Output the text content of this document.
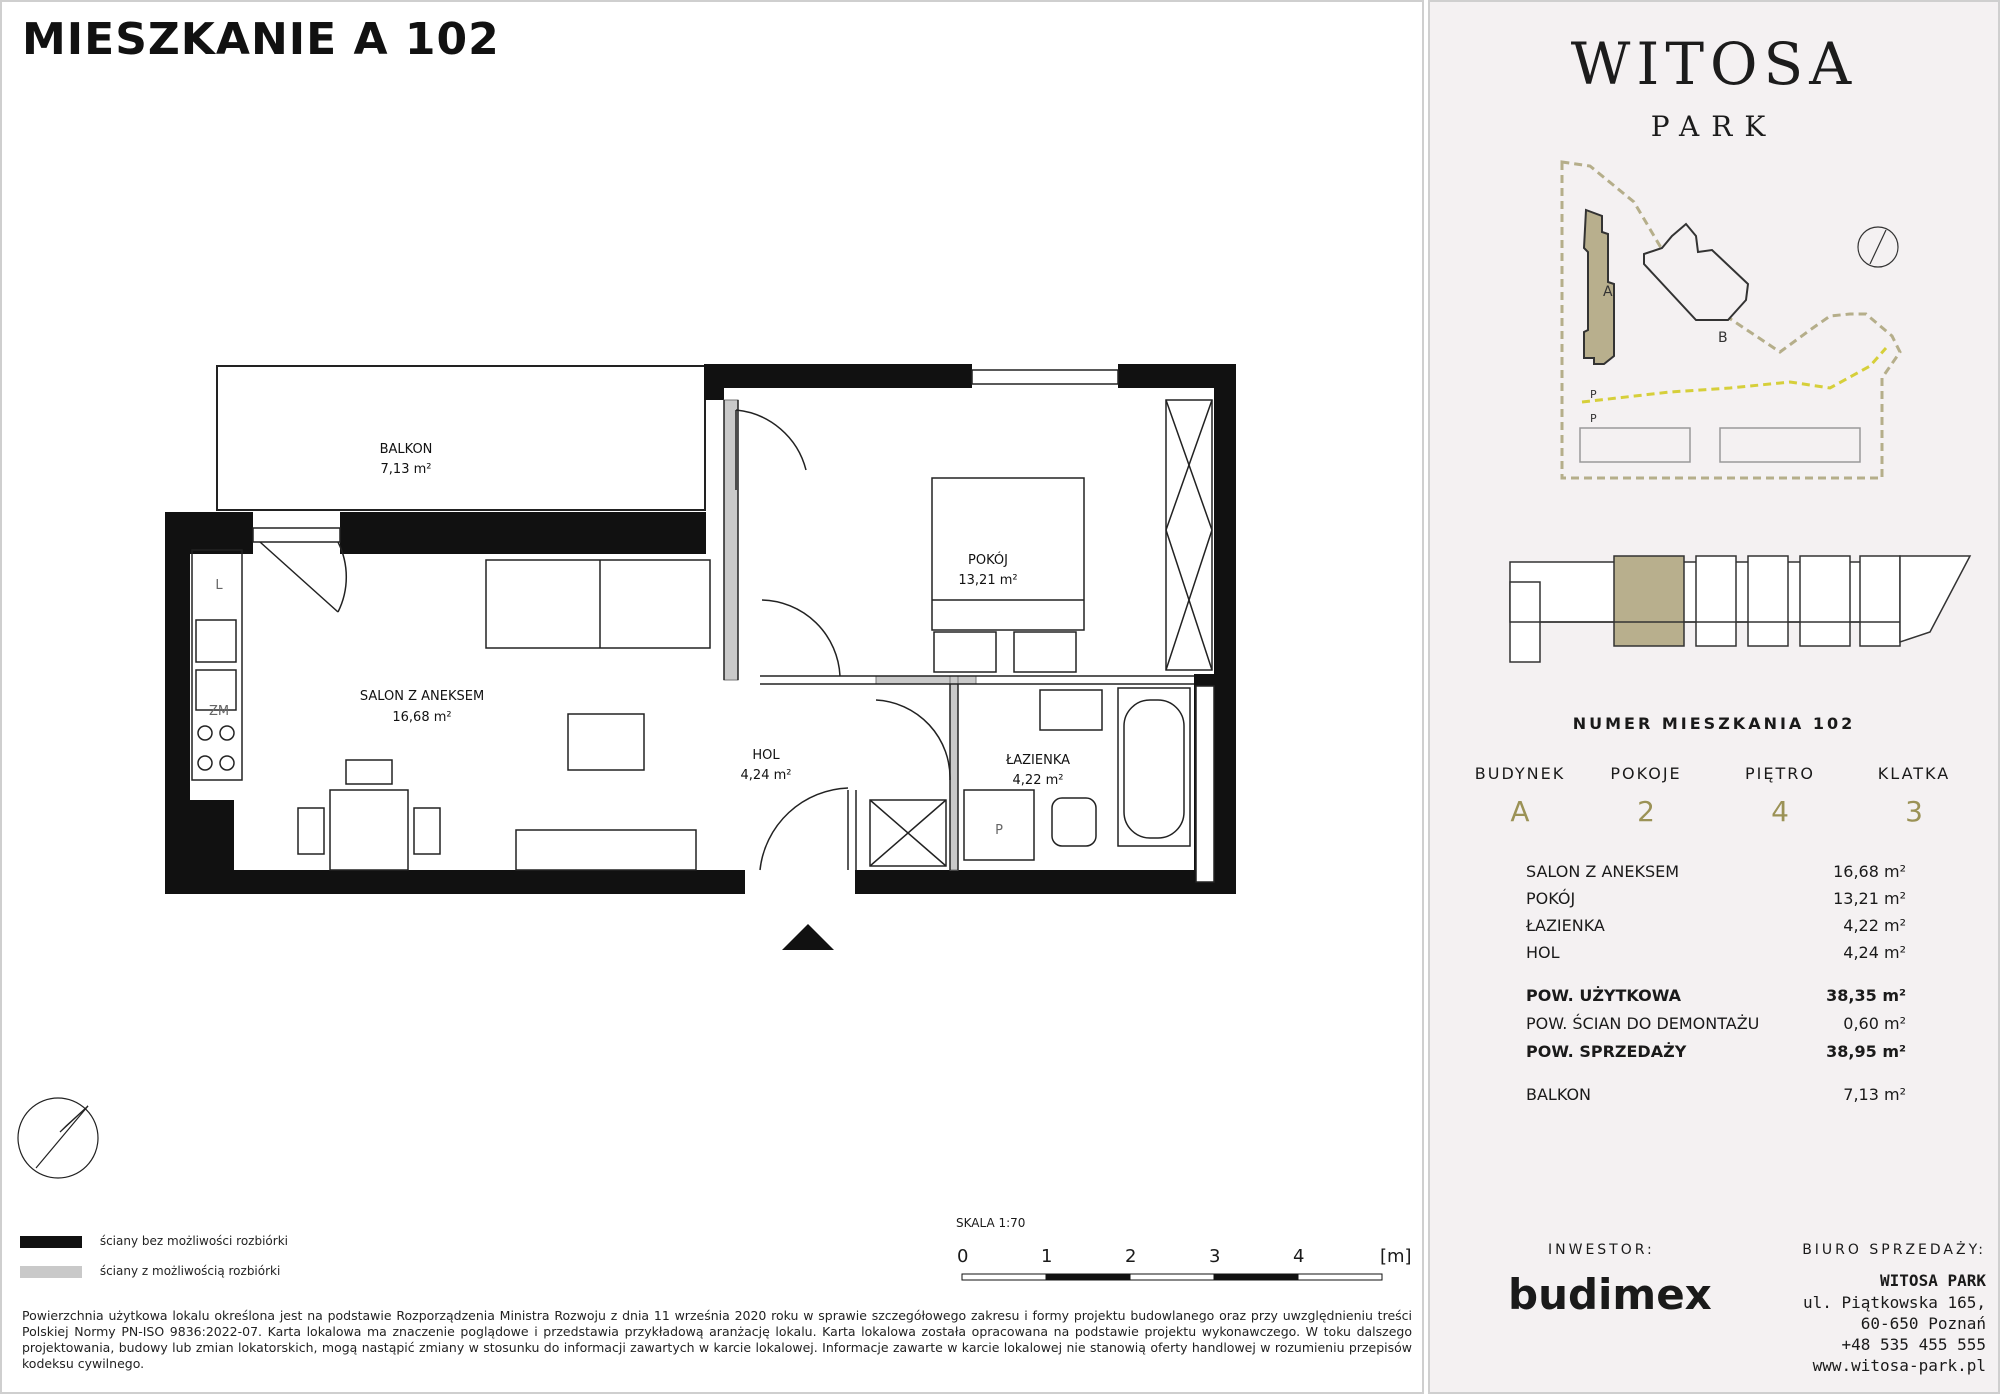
MIESZKANIE A 102
BALKON
7,13 m²
POKÓJ
13,21 m²
SALON Z ANEKSEM
16,68 m²
HOL
4,24 m²
ŁAZIENKA
4,22 m²
L
ZM
P
ściany bez możliwości rozbiórki
ściany z możliwością rozbiórki
SKALA 1:70
0	1	2	3	4	[m]
Powierzchnia użytkowa lokalu określona jest na podstawie Rozporządzenia Ministra Rozwoju z dnia 11 września 2020 roku w sprawie szczegółowego zakresu i formy projektu budowlanego oraz przy uwzględnieniu treści Polskiej Normy PN-ISO 9836:2022-07. Karta lokalowa ma znaczenie poglądowe i przedstawia przykładową aranżację lokalu. Karta lokalowa została opracowana na podstawie projektu wykonawczego. W toku dalszego projektowania, budowy lub zmian lokatorskich, mogą nastąpić zmiany w stosunku do informacji zawartych w karcie lokalowej. Informacje zawarte w karcie lokalowej nie stanowią oferty handlowej w rozumieniu przepisów kodeksu cywilnego.
WITOSA
PARK
A
B
P
P
NUMER MIESZKANIA 102
BUDYNEK
A
POKOJE
2
PIĘTRO
4
KLATKA
3
SALON Z ANEKSEM	16,68 m²
POKÓJ	13,21 m²
ŁAZIENKA	4,22 m²
HOL	4,24 m²
POW. UŻYTKOWA	38,35 m²
POW. ŚCIAN DO DEMONTAŻU	0,60 m²
POW. SPRZEDAŻY	38,95 m²
BALKON	7,13 m²
INWESTOR:
budimex
BIURO SPRZEDAŻY:
WITOSA PARK
ul. Piątkowska 165,
60-650 Poznań
+48 535 455 555
www.witosa-park.pl
